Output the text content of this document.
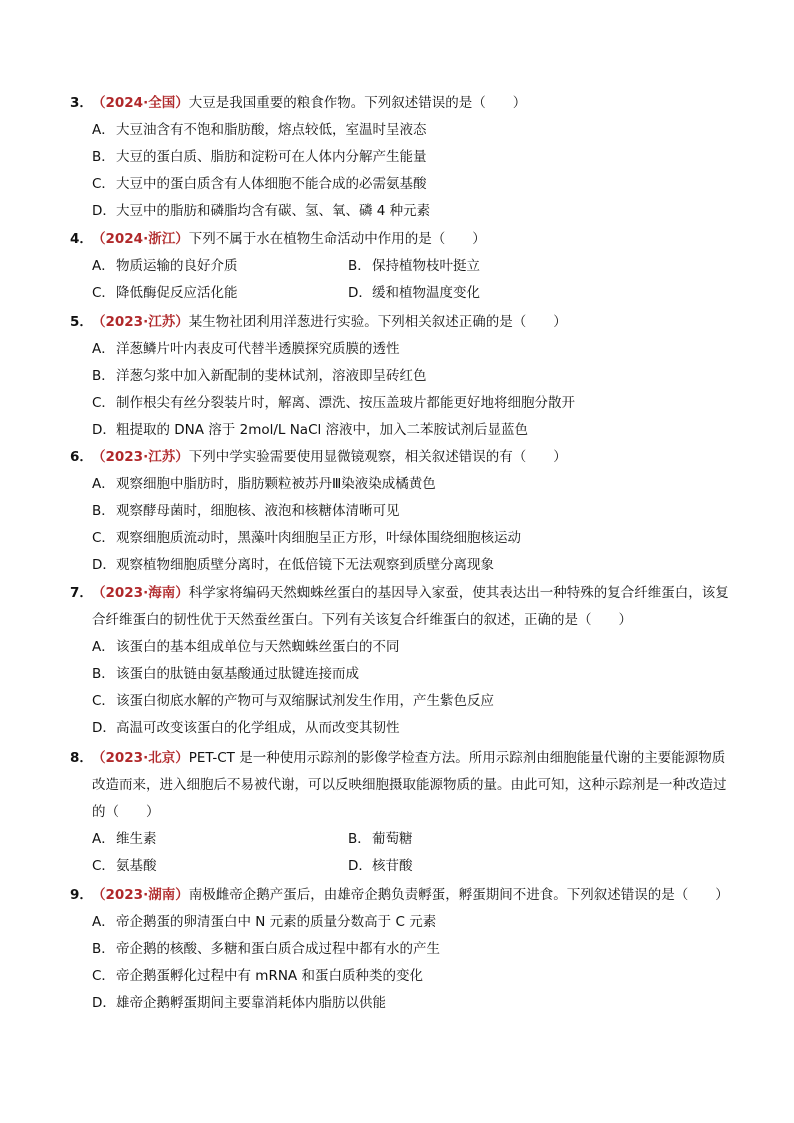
3． （2024·全国）大豆是我国重要的粮食作物。下列叙述错误的是（　　）
A．大豆油含有不饱和脂肪酸，熔点较低，室温时呈液态
B．大豆的蛋白质、脂肪和淀粉可在人体内分解产生能量
C．大豆中的蛋白质含有人体细胞不能合成的必需氨基酸
D．大豆中的脂肪和磷脂均含有碳、氢、氧、磷 4 种元素
4． （2024·浙江）下列不属于水在植物生命活动中作用的是（　　）
A．物质运输的良好介质	B．保持植物枝叶挺立
C．降低酶促反应活化能	D．缓和植物温度变化
5． （2023·江苏）某生物社团利用洋葱进行实验。下列相关叙述正确的是（　　）
A．洋葱鳞片叶内表皮可代替半透膜探究质膜的透性
B．洋葱匀浆中加入新配制的斐林试剂，溶液即呈砖红色
C．制作根尖有丝分裂装片时，解离、漂洗、按压盖玻片都能更好地将细胞分散开
D．粗提取的 DNA 溶于 2mol/L NaCl 溶液中，加入二苯胺试剂后显蓝色
6． （2023·江苏）下列中学实验需要使用显微镜观察，相关叙述错误的有（　　）
A．观察细胞中脂肪时，脂肪颗粒被苏丹Ⅲ染液染成橘黄色
B．观察酵母菌时，细胞核、液泡和核糖体清晰可见
C．观察细胞质流动时，黑藻叶肉细胞呈正方形，叶绿体围绕细胞核运动
D．观察植物细胞质壁分离时，在低倍镜下无法观察到质壁分离现象
7． （2023·海南）科学家将编码天然蜘蛛丝蛋白的基因导入家蚕，使其表达出一种特殊的复合纤维蛋白，该复合纤维蛋白的韧性优于天然蚕丝蛋白。下列有关该复合纤维蛋白的叙述，正确的是（　　）
A．该蛋白的基本组成单位与天然蜘蛛丝蛋白的不同
B．该蛋白的肽链由氨基酸通过肽键连接而成
C．该蛋白彻底水解的产物可与双缩脲试剂发生作用，产生紫色反应
D．高温可改变该蛋白的化学组成，从而改变其韧性
8． （2023·北京）PET-CT 是一种使用示踪剂的影像学检查方法。所用示踪剂由细胞能量代谢的主要能源物质改造而来，进入细胞后不易被代谢，可以反映细胞摄取能源物质的量。由此可知，这种示踪剂是一种改造过的（　　）
A．维生素	B．葡萄糖
C．氨基酸	D．核苷酸
9． （2023·湖南）南极雌帝企鹅产蛋后，由雄帝企鹅负责孵蛋，孵蛋期间不进食。下列叙述错误的是（　　）
A．帝企鹅蛋的卵清蛋白中 N 元素的质量分数高于 C 元素
B．帝企鹅的核酸、多糖和蛋白质合成过程中都有水的产生
C．帝企鹅蛋孵化过程中有 mRNA 和蛋白质种类的变化
D．雄帝企鹅孵蛋期间主要靠消耗体内脂肪以供能
